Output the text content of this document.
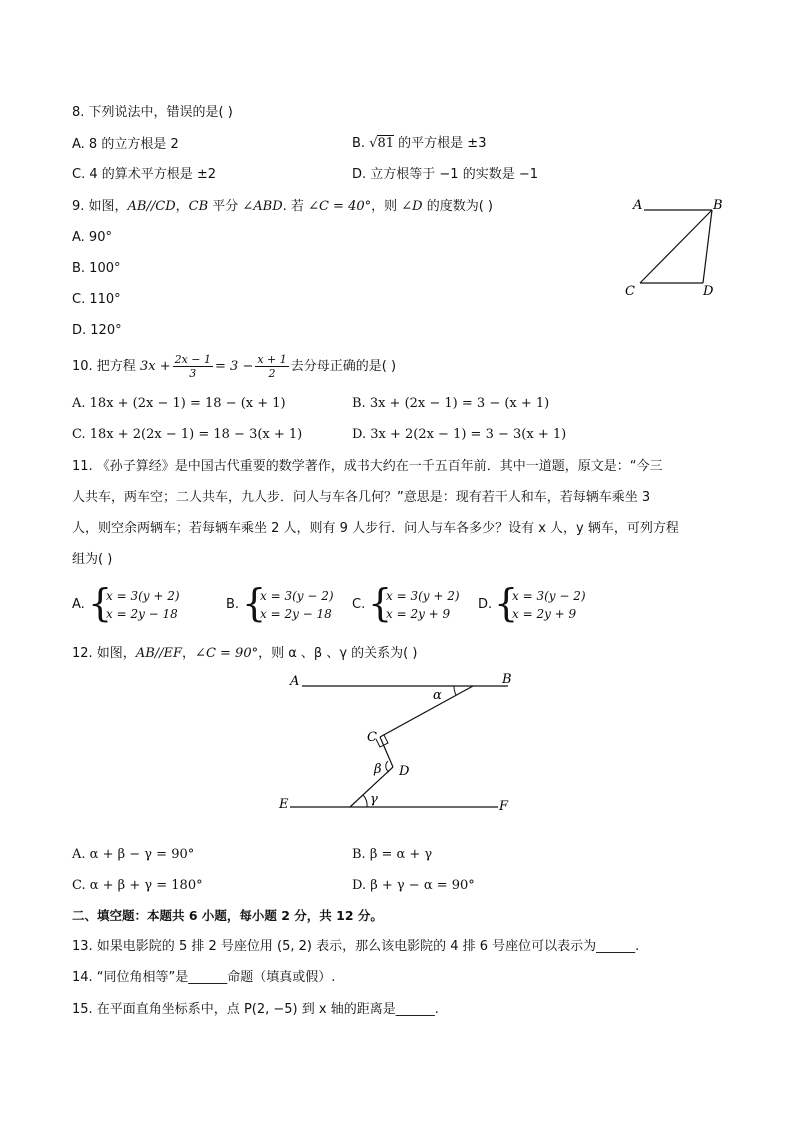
8. 下列说法中，错误的是( )
A. 8 的立方根是 2	B. √81 的平方根是 ±3
C. 4 的算术平方根是 ±2	D. 立方根等于 −1 的实数是 −1
9. 如图，AB//CD，CB 平分 ∠ABD. 若 ∠C = 40°，则 ∠D 的度数为( )
A. 90°
B. 100°
C. 110°
D. 120°
A	B
C	D
10. 把方程 $3x + \frac{2x - 1}{3} = 3 - \frac{x + 1}{2}$ 去分母正确的是( )
A. 18x + (2x − 1) = 18 − (x + 1)	B. 3x + (2x − 1) = 3 − (x + 1)
C. 18x + 2(2x − 1) = 18 − 3(x + 1)	D. 3x + 2(2x − 1) = 3 − 3(x + 1)
11. 《孙子算经》是中国古代重要的数学著作，成书大约在一千五百年前．其中一道题，原文是：“今三
人共车，两车空；二人共车，九人步．问人与车各几何？”意思是：现有若干人和车，若每辆车乘坐 3
人，则空余两辆车；若每辆车乘坐 2 人，则有 9 人步行．问人与车各多少？设有 x 人，y 辆车，可列方程
组为( )
A. {
x = 3(y + 2)
x = 2y − 18
B. {
x = 3(y − 2)
x = 2y − 18
C. {
x = 3(y + 2)
x = 2y + 9
D. {
x = 3(y − 2)
x = 2y + 9
12. 如图，AB//EF，∠C = 90°，则 α 、β 、γ 的关系为( )
A	B
C
D
E	F
α
β
γ
A. α + β − γ = 90°	B. β = α + γ
C. α + β + γ = 180°	D. β + γ − α = 90°
二、填空题：本题共 6 小题，每小题 2 分，共 12 分。
13. 如果电影院的 5 排 2 号座位用 (5, 2) 表示，那么该电影院的 4 排 6 号座位可以表示为______.
14. “同位角相等”是______命题（填真或假）.
15. 在平面直角坐标系中，点 P(2, −5) 到 x 轴的距离是______.
